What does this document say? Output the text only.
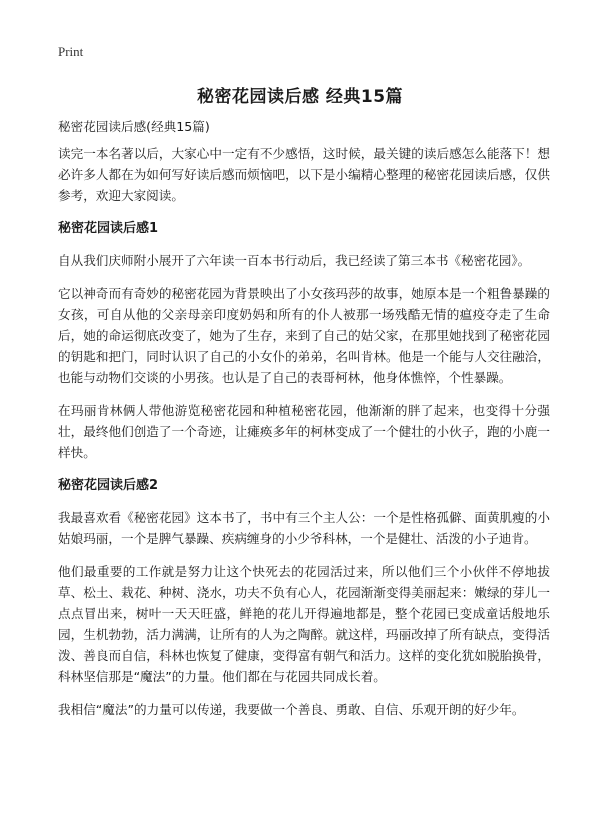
Print
秘密花园读后感 经典15篇

秘密花园读后感(经典15篇)

读完一本名著以后，大家心中一定有不少感悟，这时候，最关键的读后感怎么能落下！想必许多人都在为如何写好读后感而烦恼吧，以下是小编精心整理的秘密花园读后感，仅供参考，欢迎大家阅读。

秘密花园读后感1

自从我们庆师附小展开了六年读一百本书行动后，我已经读了第三本书《秘密花园》。

它以神奇而有奇妙的秘密花园为背景映出了小女孩玛莎的故事，她原本是一个粗鲁暴躁的女孩，可自从他的父亲母亲印度奶妈和所有的仆人被那一场残酷无情的瘟疫夺走了生命后，她的命运彻底改变了，她为了生存，来到了自己的姑父家，在那里她找到了秘密花园的钥匙和把门，同时认识了自己的小女仆的弟弟，名叫肯林。他是一个能与人交往融洽，也能与动物们交谈的小男孩。也认是了自己的表哥柯林，他身体憔悴，个性暴躁。

在玛丽肯林俩人带他游览秘密花园和种植秘密花园，他渐渐的胖了起来，也变得十分强壮，最终他们创造了一个奇迹，让瘫痪多年的柯林变成了一个健壮的小伙子，跑的小鹿一样快。

秘密花园读后感2

我最喜欢看《秘密花园》这本书了，书中有三个主人公：一个是性格孤僻、面黄肌瘦的小姑娘玛丽，一个是脾气暴躁、疾病缠身的小少爷科林，一个是健壮、活泼的小子迪肯。

他们最重要的工作就是努力让这个快死去的花园活过来，所以他们三个小伙伴不停地拔草、松土、栽花、种树、浇水，功夫不负有心人，花园渐渐变得美丽起来：嫩绿的芽儿一点点冒出来，树叶一天天旺盛，鲜艳的花儿开得遍地都是，整个花园已变成童话般地乐园，生机勃勃，活力满满，让所有的人为之陶醉。就这样，玛丽改掉了所有缺点，变得活泼、善良而自信，科林也恢复了健康，变得富有朝气和活力。这样的变化犹如脱胎换骨，科林坚信那是“魔法”的力量。他们都在与花园共同成长着。

我相信“魔法”的力量可以传递，我要做一个善良、勇敢、自信、乐观开朗的好少年。
